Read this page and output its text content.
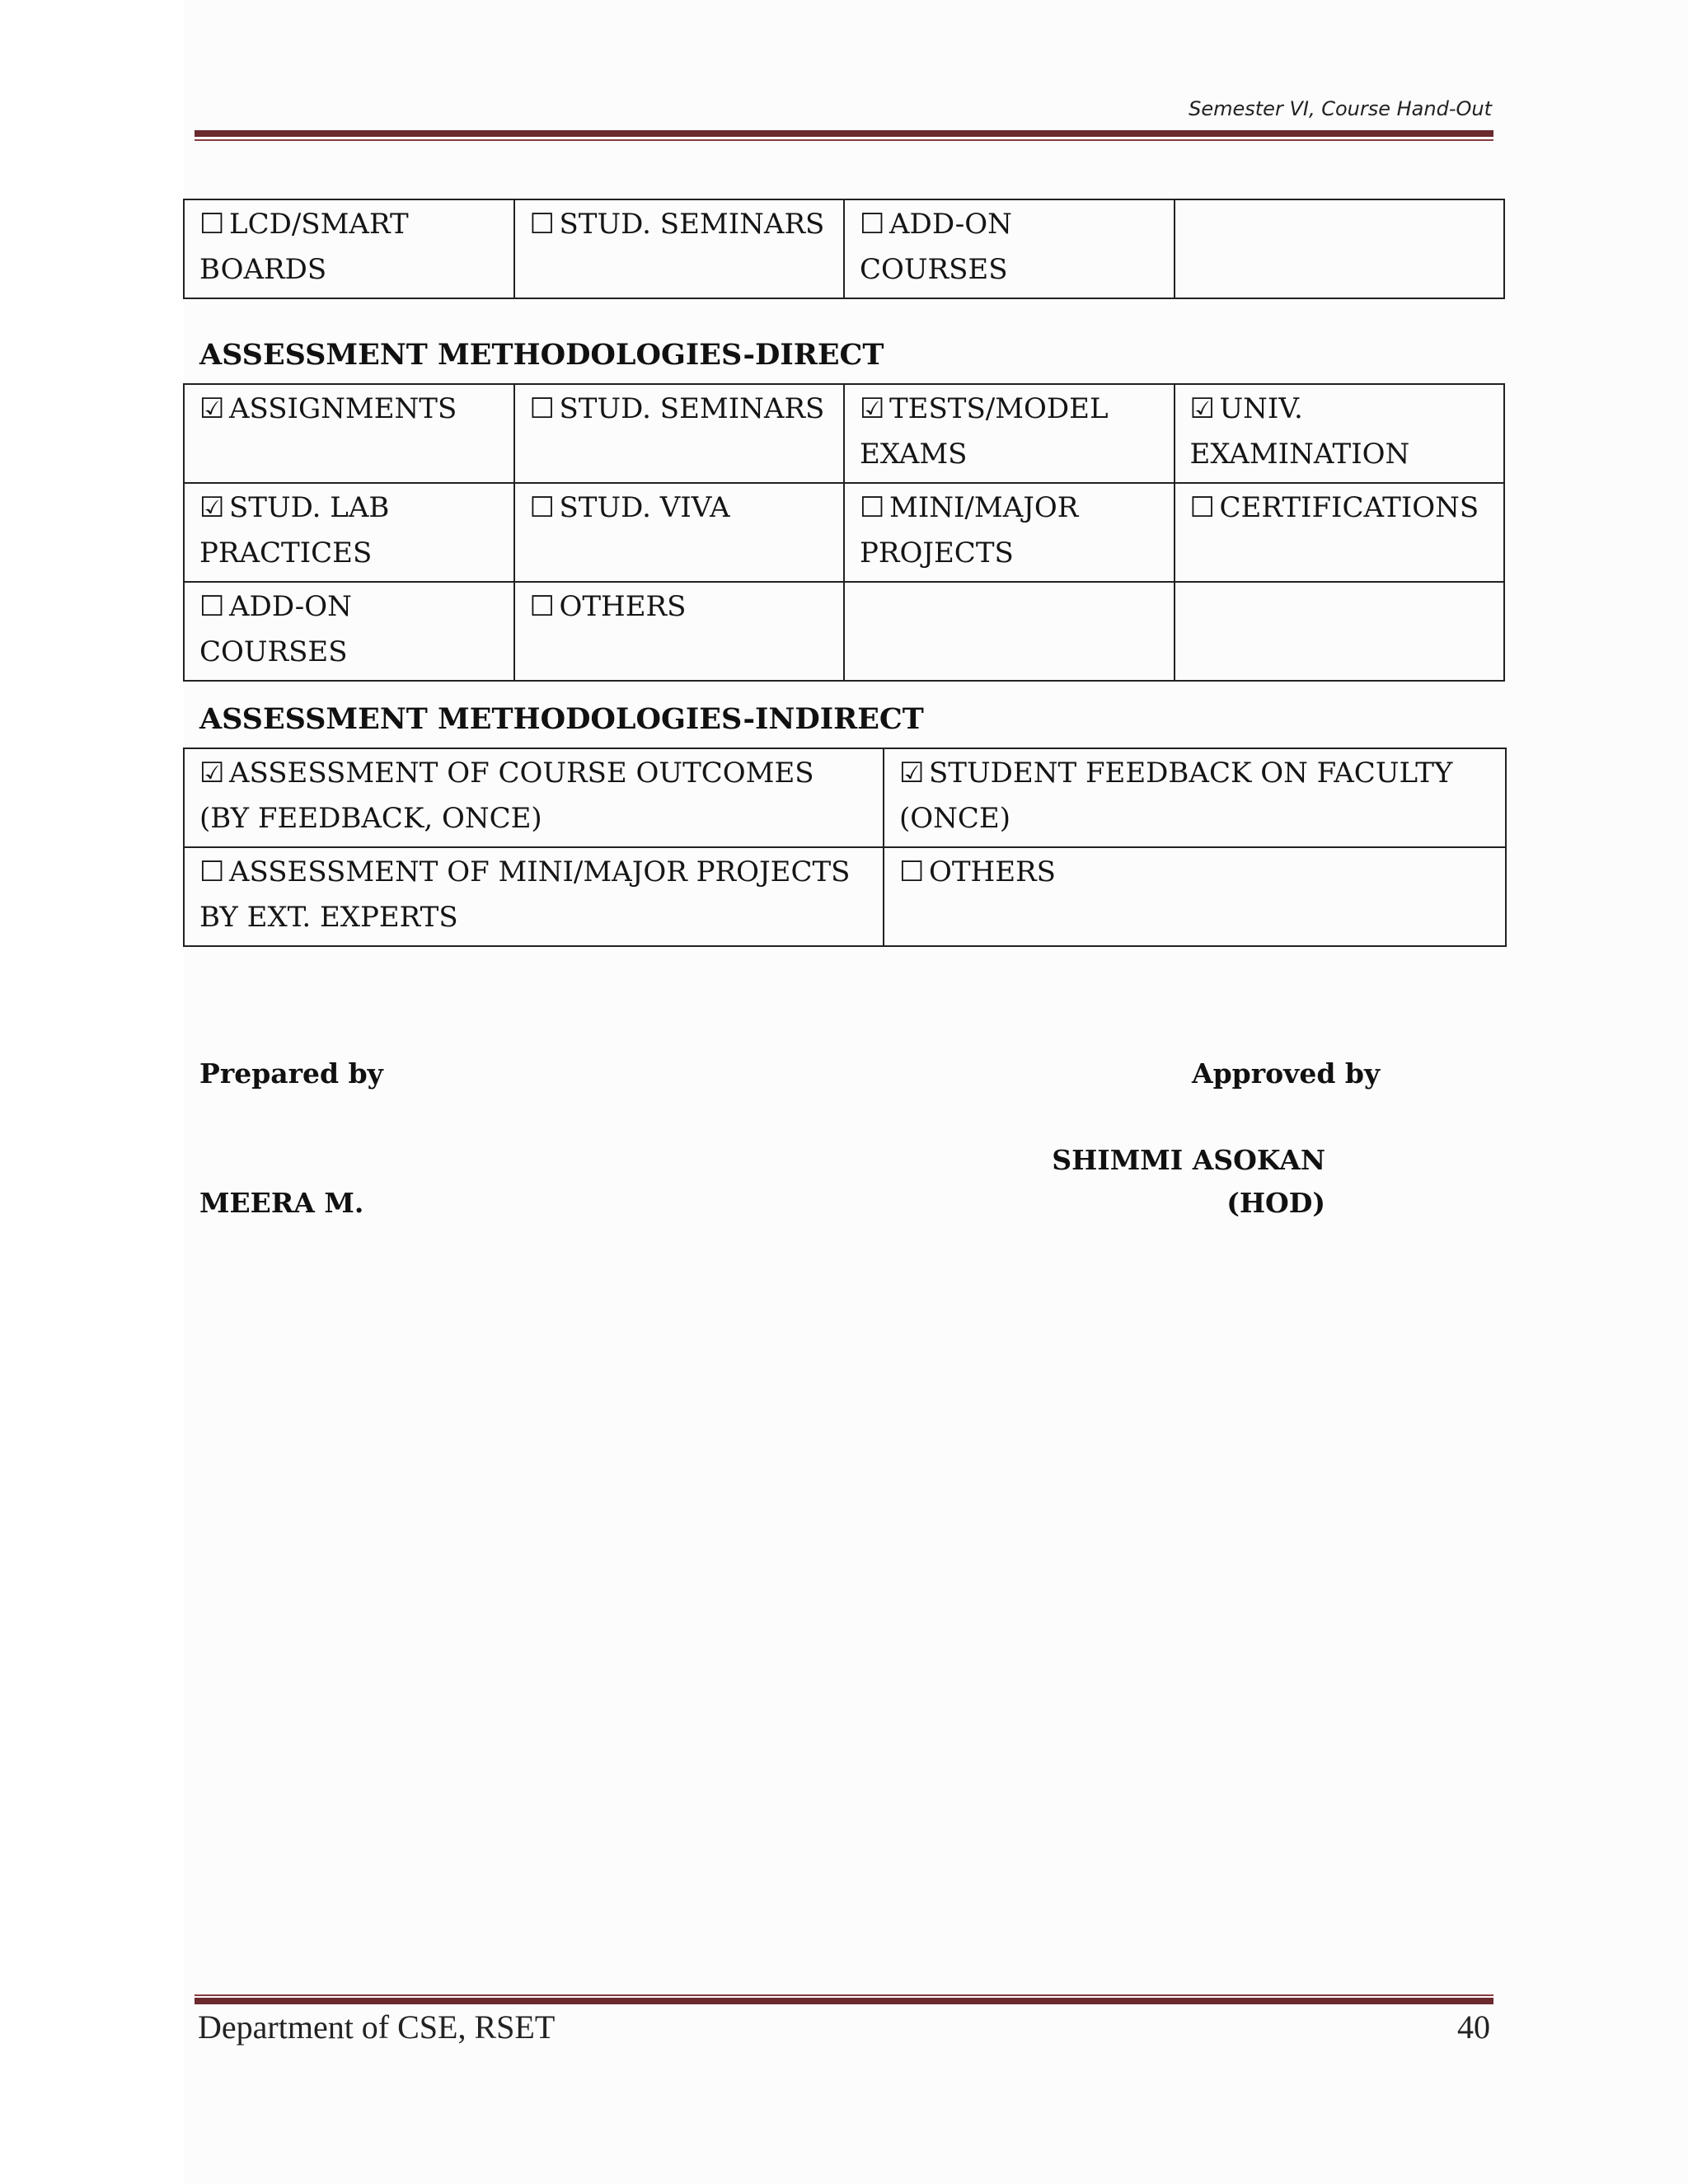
Semester VI, Course Hand-Out
☐ LCD/SMART BOARDS	☐ STUD. SEMINARS	☐ ADD-ON COURSES	
ASSESSMENT METHODOLOGIES-DIRECT
☑ ASSIGNMENTS	☐ STUD. SEMINARS	☑ TESTS/MODEL EXAMS	☑ UNIV. EXAMINATION
☑ STUD. LAB PRACTICES	☐ STUD. VIVA	☐ MINI/MAJOR PROJECTS	☐ CERTIFICATIONS
☐ ADD-ON COURSES	☐ OTHERS		
ASSESSMENT METHODOLOGIES-INDIRECT
☑ ASSESSMENT OF COURSE OUTCOMES (BY FEEDBACK, ONCE)	☑ STUDENT FEEDBACK ON FACULTY (ONCE)
☐ ASSESSMENT OF MINI/MAJOR PROJECTS BY EXT. EXPERTS	☐ OTHERS
Prepared by
MEERA M.
Approved by
SHIMMI ASOKAN
(HOD)
Department of CSE, RSET	40
